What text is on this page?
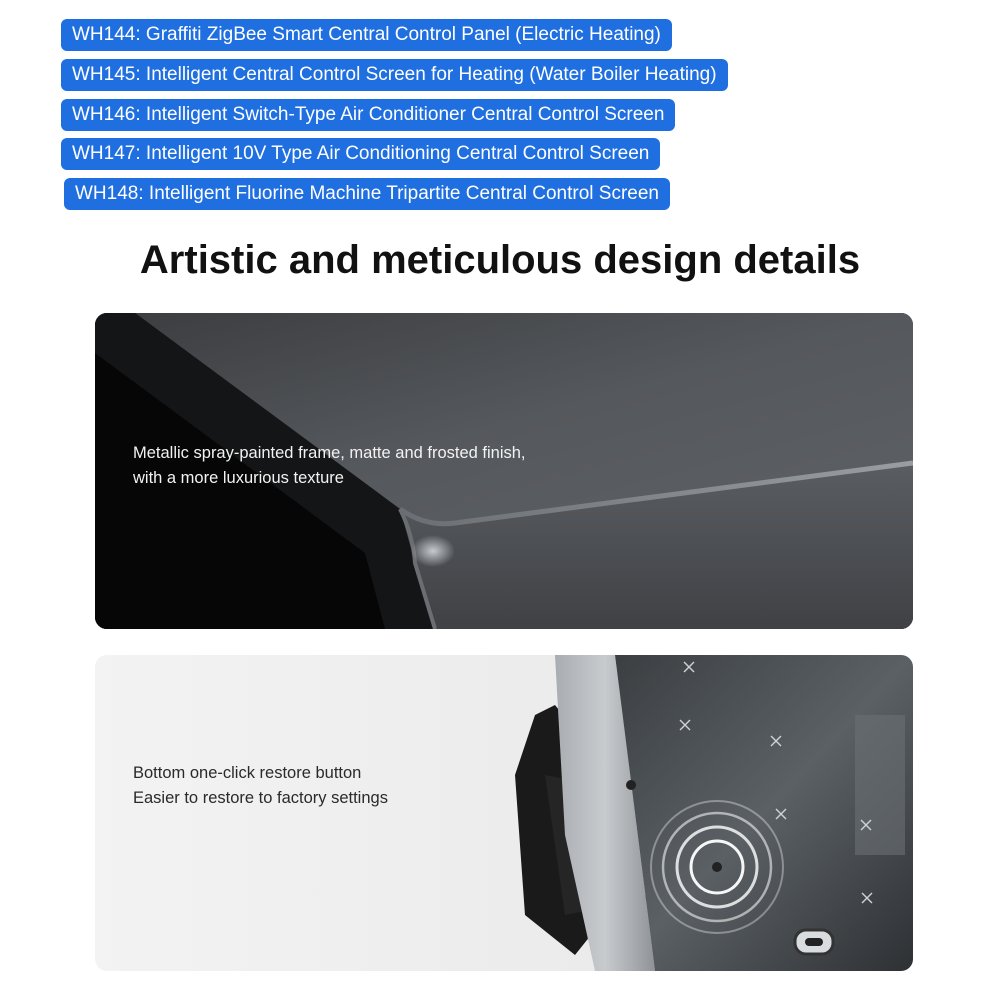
WH144: Graffiti ZigBee Smart Central Control Panel (Electric Heating)
WH145: Intelligent Central Control Screen for Heating (Water Boiler Heating)
WH146: Intelligent Switch-Type Air Conditioner Central Control Screen
WH147: Intelligent 10V Type Air Conditioning Central Control Screen
WH148: Intelligent Fluorine Machine Tripartite Central Control Screen
Artistic and meticulous design details
Metallic spray-painted frame, matte and frosted finish,
with a more luxurious texture
Bottom one-click restore button
Easier to restore to factory settings
